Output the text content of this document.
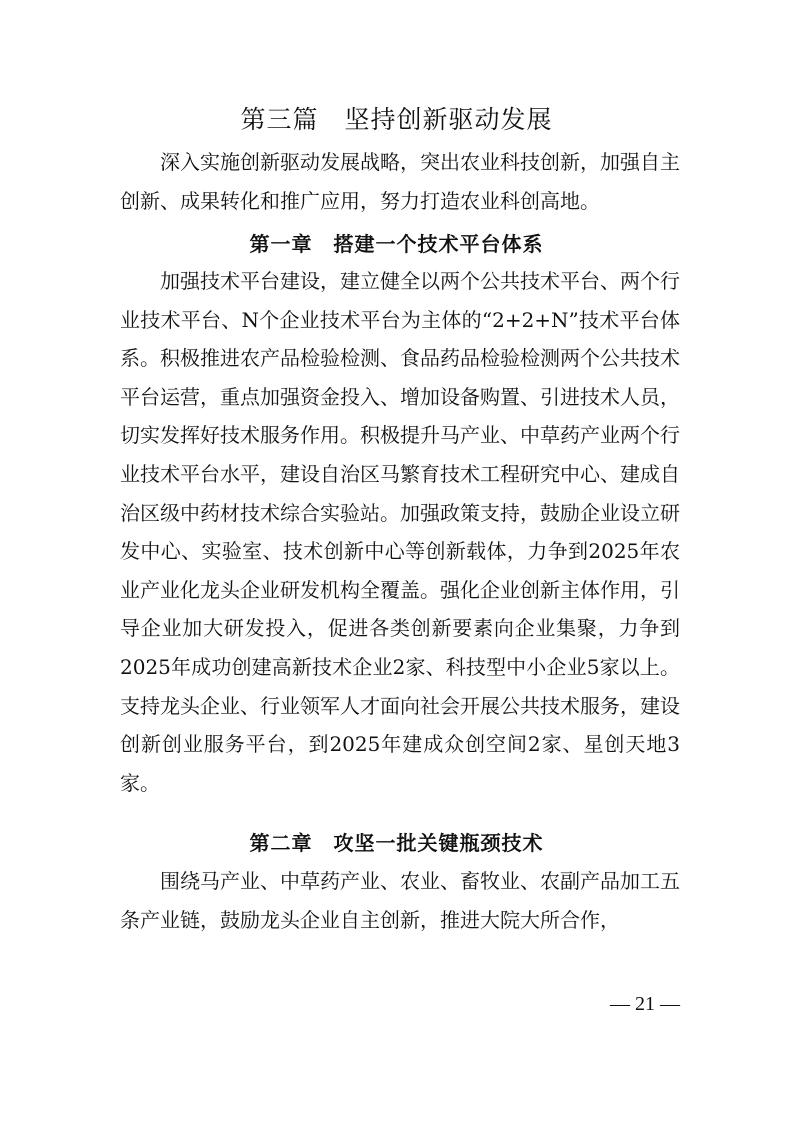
第三篇　坚持创新驱动发展

深入实施创新驱动发展战略，突出农业科技创新，加强自主创新、成果转化和推广应用，努力打造农业科创高地。

第一章　搭建一个技术平台体系

加强技术平台建设，建立健全以两个公共技术平台、两个行业技术平台、N个企业技术平台为主体的“2+2+N”技术平台体系。积极推进农产品检验检测、食品药品检验检测两个公共技术平台运营，重点加强资金投入、增加设备购置、引进技术人员，切实发挥好技术服务作用。积极提升马产业、中草药产业两个行业技术平台水平，建设自治区马繁育技术工程研究中心、建成自治区级中药材技术综合实验站。加强政策支持，鼓励企业设立研发中心、实验室、技术创新中心等创新载体，力争到2025年农业产业化龙头企业研发机构全覆盖。强化企业创新主体作用，引导企业加大研发投入，促进各类创新要素向企业集聚，力争到2025年成功创建高新技术企业2家、科技型中小企业5家以上。支持龙头企业、行业领军人才面向社会开展公共技术服务，建设创新创业服务平台，到2025年建成众创空间2家、星创天地3家。

第二章　攻坚一批关键瓶颈技术

围绕马产业、中草药产业、农业、畜牧业、农副产品加工五条产业链，鼓励龙头企业自主创新，推进大院大所合作，

— 21 —
